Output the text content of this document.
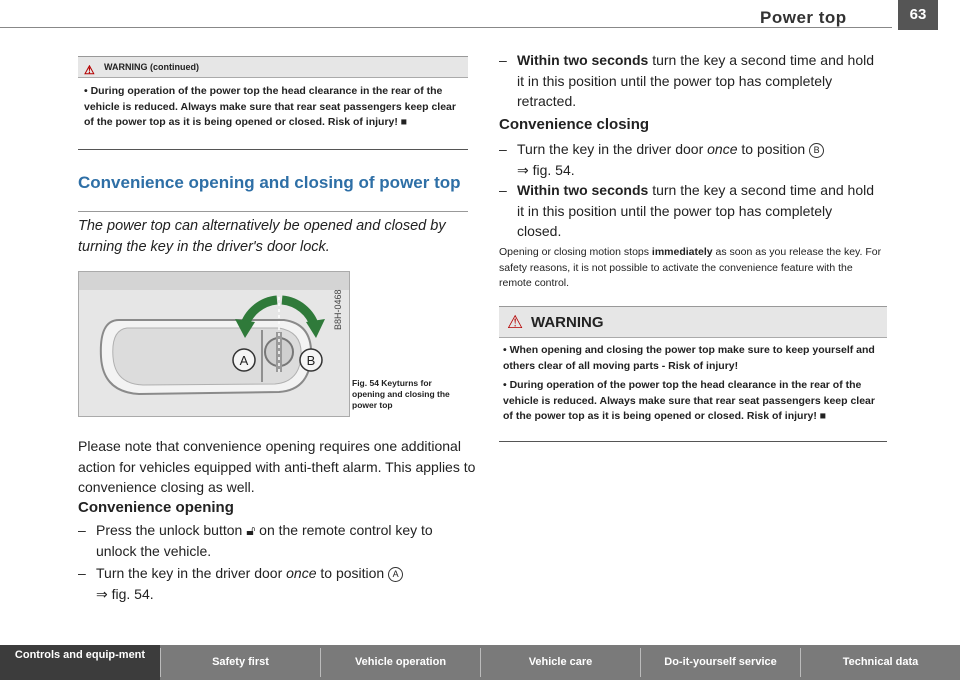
Power top	63
⚠ WARNING (continued)
• During operation of the power top the head clearance in the rear of the vehicle is reduced. Always make sure that rear seat passengers keep clear of the power top as it is being opened or closed. Risk of injury! ■
Convenience opening and closing of power top
The power top can alternatively be opened and closed by turning the key in the driver's door lock.
A	B
B8H-0468
Fig. 54 Keyturns for opening and closing the power top
Please note that convenience opening requires one additional action for vehicles equipped with anti-theft alarm. This applies to convenience closing as well.
Convenience opening
– Press the unlock button 🔓︎ on the remote control key to
unlock the vehicle.
– Turn the key in the driver door once to position A
⇒ fig. 54.
– Within two seconds turn the key a second time and hold
it in this position until the power top has completely
retracted.
Convenience closing
– Turn the key in the driver door once to position B
⇒ fig. 54.
– Within two seconds turn the key a second time and hold
it in this position until the power top has completely
closed.
Opening or closing motion stops immediately as soon as you release the key. For safety reasons, it is not possible to activate the convenience feature with the remote control.
⚠ WARNING
• When opening and closing the power top make sure to keep yourself and others clear of all moving parts - Risk of injury!
• During operation of the power top the head clearance in the rear of the vehicle is reduced. Always make sure that rear seat passengers keep clear of the power top as it is being opened or closed. Risk of injury! ■
Controls and equip-ment
Safety first	Vehicle operation	Vehicle care	Do-it-yourself service	Technical data
